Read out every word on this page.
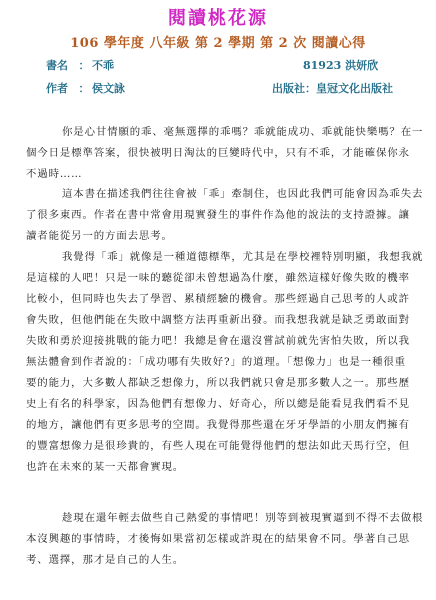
閱讀桃花源
106 學年度 八年級 第 2 學期 第 2 次 閱讀心得
書名 ： 不乖	81923 洪妍欣
作者 ： 侯文詠	出版社：皇冠文化出版社
你是心甘情願的乖、毫無選擇的乖嗎？乖就能成功、乖就能快樂嗎？在一
個今日是標準答案，很快被明日淘汰的巨變時代中，只有不乖，才能確保你永
不過時……
這本書在描述我們往往會被「乖」牽制住，也因此我們可能會因為乖失去
了很多東西。作者在書中常會用現實發生的事件作為他的說法的支持證據。讓
讀者能從另一的方面去思考。
我覺得「乖」就像是一種道德標準，尤其是在學校裡特別明顯，我想我就
是這樣的人吧！只是一味的聽從卻未曾想過為什麼，雖然這樣好像失敗的機率
比較小，但同時也失去了學習、累積經驗的機會。那些經過自己思考的人或許
會失敗，但他們能在失敗中調整方法再重新出發。而我想我就是缺乏勇敢面對
失敗和勇於迎接挑戰的能力吧！我總是會在還沒嘗試前就先害怕失敗，所以我
無法體會到作者說的：「成功哪有失敗好?」的道理。「想像力」也是一種很重
要的能力，大多數人都缺乏想像力，所以我們就只會是那多數人之一。那些歷
史上有名的科學家，因為他們有想像力、好奇心，所以總是能看見我們看不見
的地方，讓他們有更多思考的空間。我覺得那些還在牙牙學語的小朋友們擁有
的豐富想像力是很珍貴的，有些人現在可能覺得他們的想法如此天馬行空，但
也許在未來的某一天都會實現。
趁現在還年輕去做些自己熱愛的事情吧！別等到被現實逼到不得不去做根
本沒興趣的事情時，才後悔如果當初怎樣或許現在的結果會不同。學著自己思
考、選擇，那才是自己的人生。
